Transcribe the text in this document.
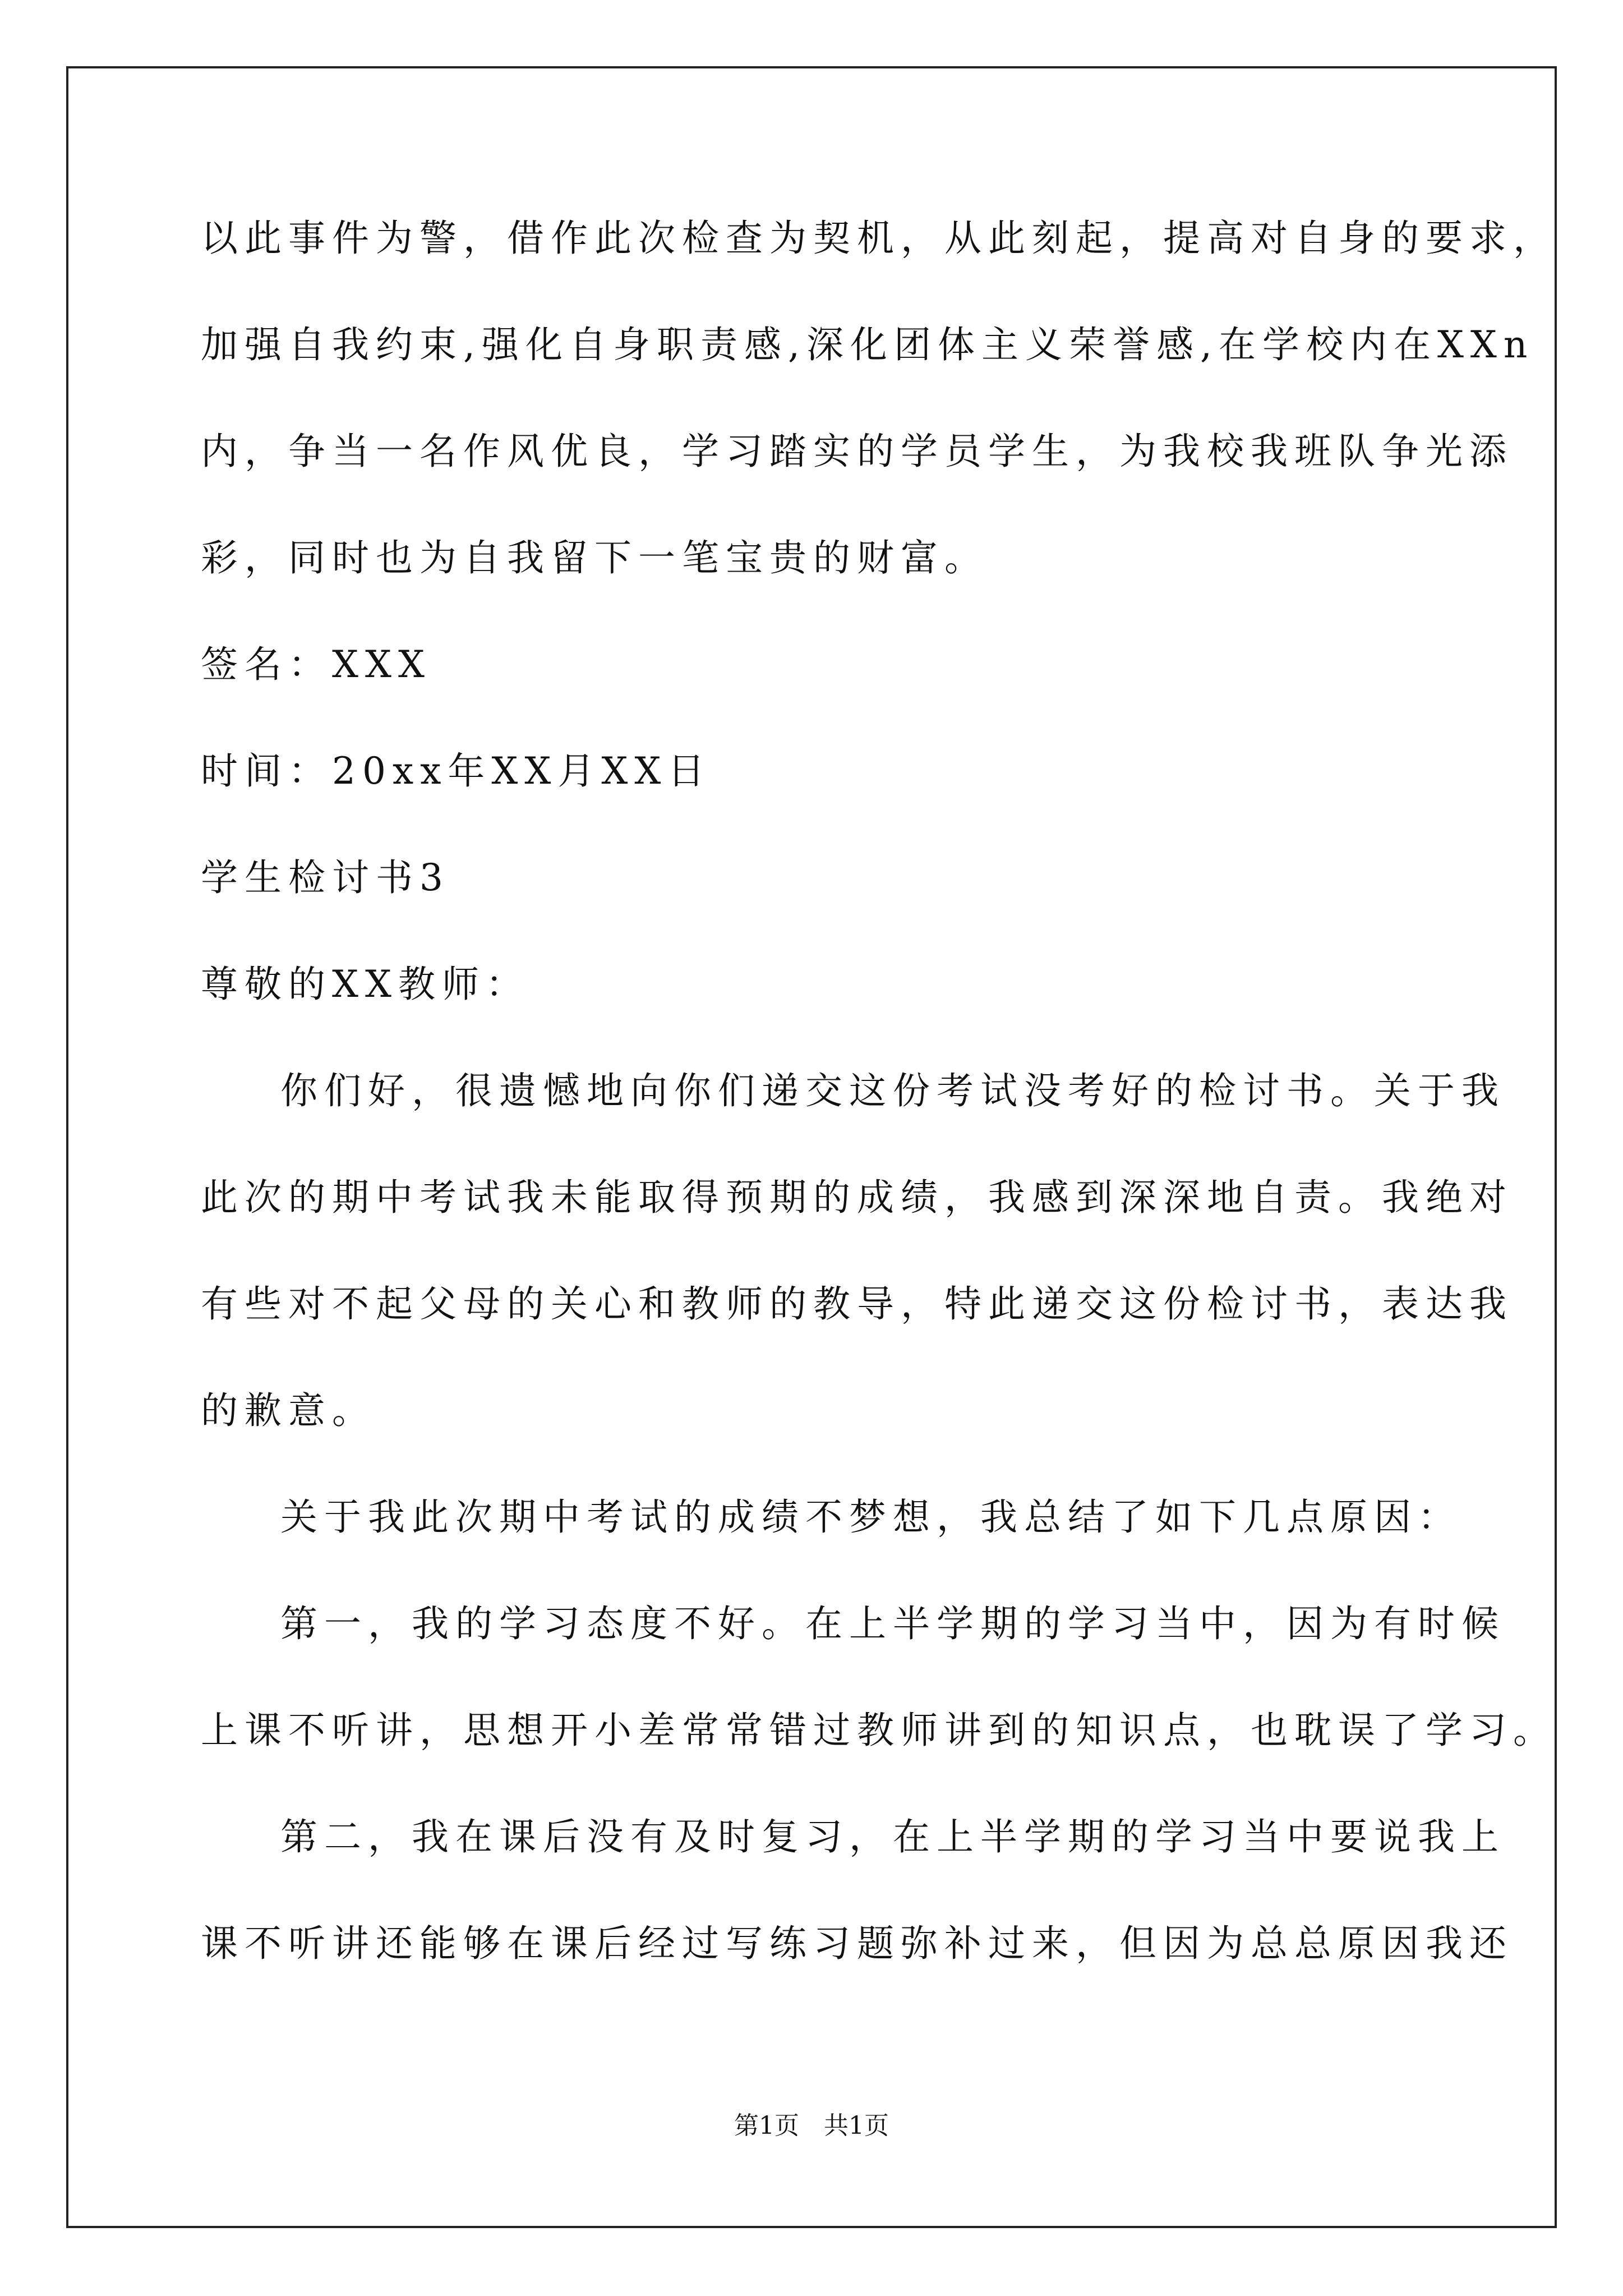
以此事件为警，借作此次检查为契机，从此刻起，提高对自身的要求，

加强自我约束,强化自身职责感,深化团体主义荣誉感,在学校内在XXn

内，争当一名作风优良，学习踏实的学员学生，为我校我班队争光添

彩，同时也为自我留下一笔宝贵的财富。

签名：XXX

时间：20xx年XX月XX日

学生检讨书3

尊敬的XX教师：

你们好，很遗憾地向你们递交这份考试没考好的检讨书。关于我

此次的期中考试我未能取得预期的成绩，我感到深深地自责。我绝对

有些对不起父母的关心和教师的教导，特此递交这份检讨书，表达我

的歉意。

关于我此次期中考试的成绩不梦想，我总结了如下几点原因：

第一，我的学习态度不好。在上半学期的学习当中，因为有时候

上课不听讲，思想开小差常常错过教师讲到的知识点，也耽误了学习。

第二，我在课后没有及时复习，在上半学期的学习当中要说我上

课不听讲还能够在课后经过写练习题弥补过来，但因为总总原因我还

第1页　共1页
